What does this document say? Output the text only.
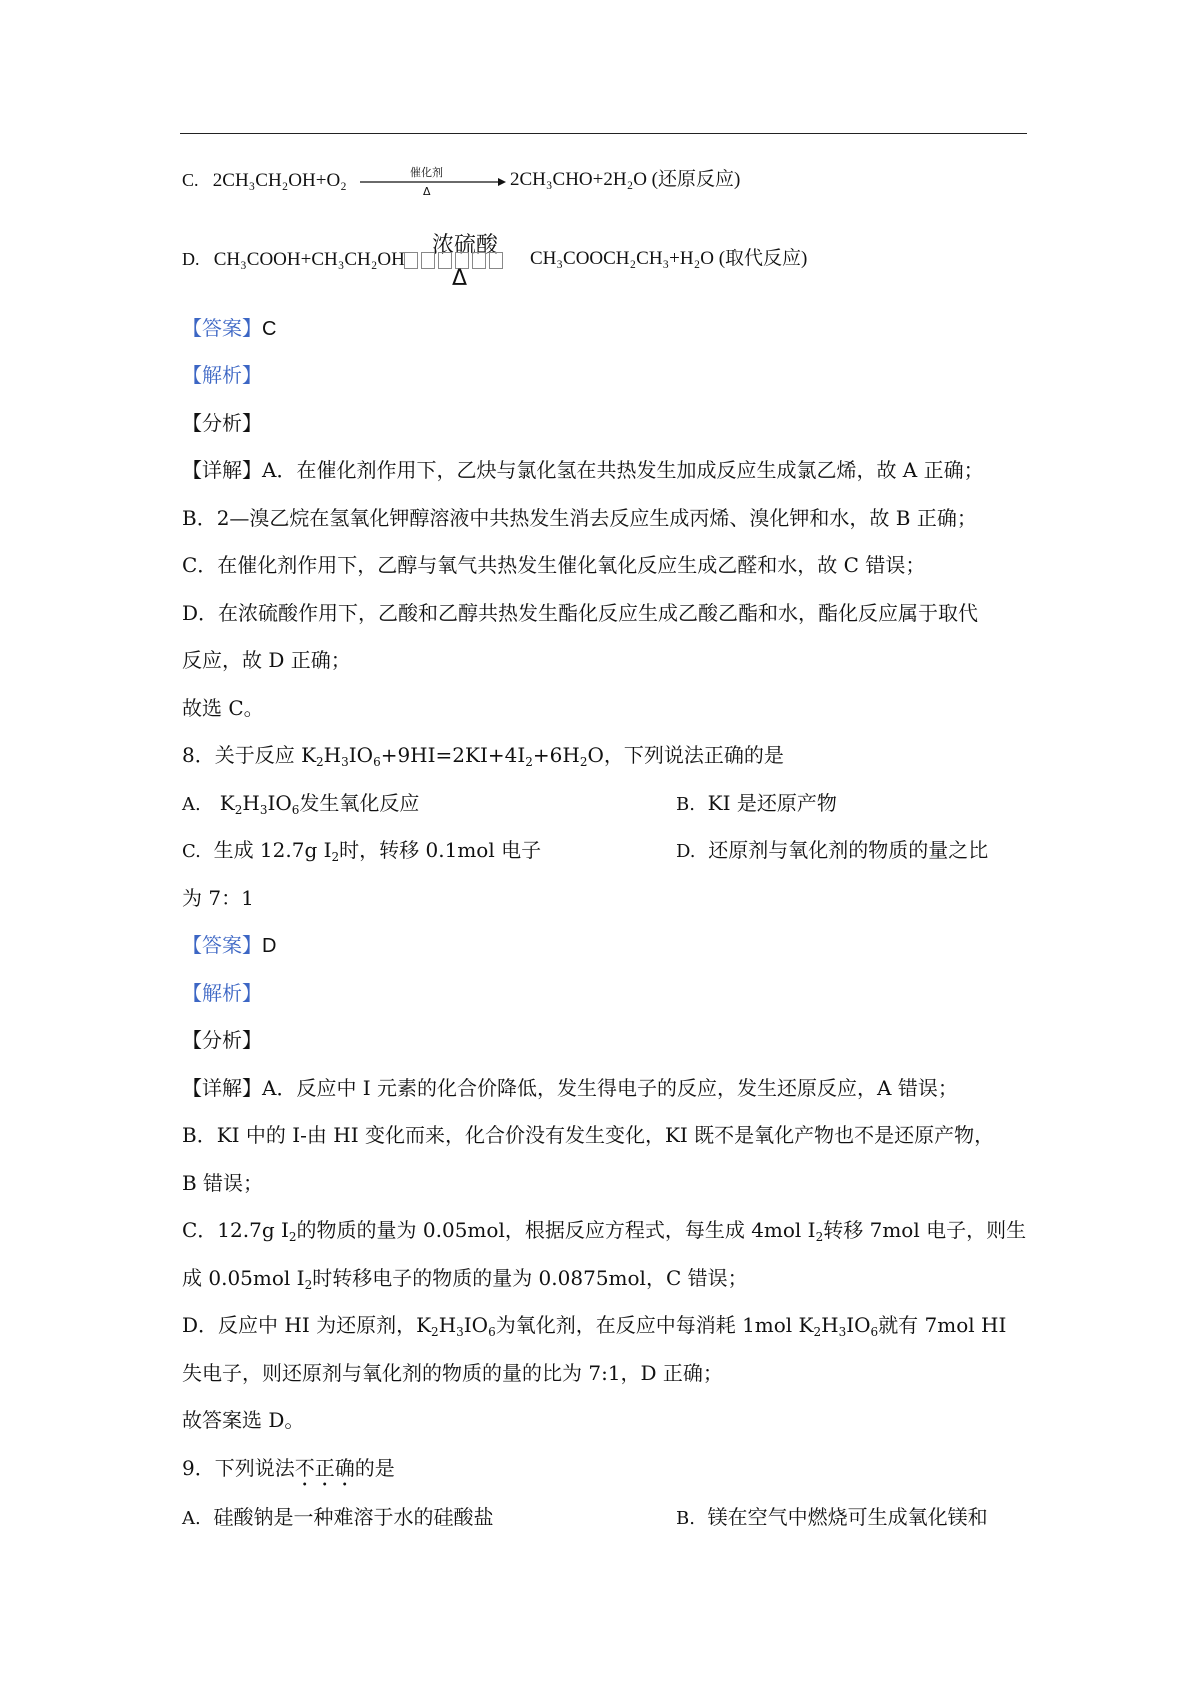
C. 2CH₃CH₂OH+O₂	催化剂
Δ
2CH₃CHO+2H₂O (还原反应)
浓硫酸
D. CH₃COOH+CH₃CH₂OH
Δ
CH₃COOCH₂CH₃+H₂O (取代反应)
【答案】C
【解析】
【分析】
【详解】A．在催化剂作用下，乙炔与氯化氢在共热发生加成反应生成氯乙烯，故 A 正确；
B．2—溴乙烷在氢氧化钾醇溶液中共热发生消去反应生成丙烯、溴化钾和水，故 B 正确；
C．在催化剂作用下，乙醇与氧气共热发生催化氧化反应生成乙醛和水，故 C 错误；
D．在浓硫酸作用下，乙酸和乙醇共热发生酯化反应生成乙酸乙酯和水，酯化反应属于取代
反应，故 D 正确；
故选 C。
8．关于反应 $K_2H_3IO_6+9HI=2KI+4I_2+6H_2O$，下列说法正确的是
A.   $K_2H_3IO_6$发生氧化反应	B. KI 是还原产物
C. 生成 12.7g $I_2$时，转移 0.1mol 电子	D. 还原剂与氧化剂的物质的量之比
为 7：1
【答案】D
【解析】
【分析】
【详解】A．反应中 I 元素的化合价降低，发生得电子的反应，发生还原反应，A 错误；
B．KI 中的 I-由 HI 变化而来，化合价没有发生变化，KI 既不是氧化产物也不是还原产物，
B 错误；
C．12.7g $I_2$的物质的量为 0.05mol，根据反应方程式，每生成 4mol $I_2$转移 7mol 电子，则生
成 0.05mol $I_2$时转移电子的物质的量为 0.0875mol，C 错误；
D．反应中 HI 为还原剂，$K_2H_3IO_6$为氧化剂，在反应中每消耗 1mol $K_2H_3IO_6$就有 7mol HI
失电子，则还原剂与氧化剂的物质的量的比为 7:1，D 正确；
故答案选 D。
9．下列说法不正确的是
A. 硅酸钠是一种难溶于水的硅酸盐	B. 镁在空气中燃烧可生成氧化镁和
